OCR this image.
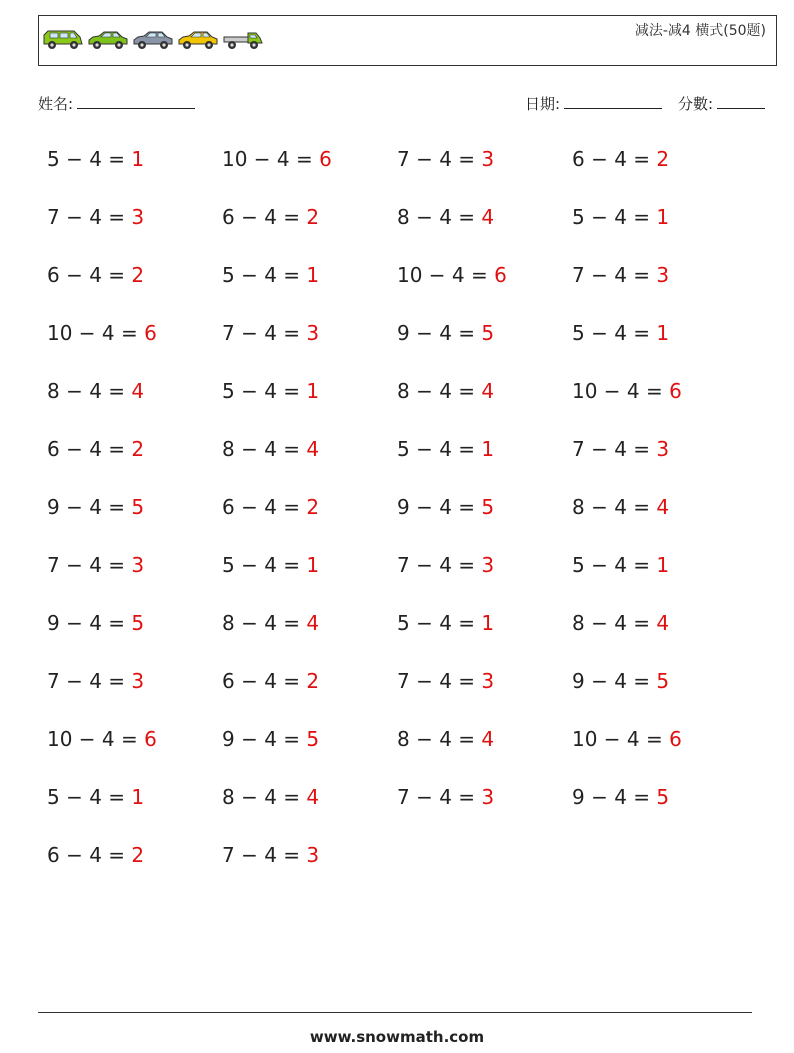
减法-减4 横式(50题)
姓名:	日期:	分數:
5 − 4 = 1	10 − 4 = 6	7 − 4 = 3	6 − 4 = 2
7 − 4 = 3	6 − 4 = 2	8 − 4 = 4	5 − 4 = 1
6 − 4 = 2	5 − 4 = 1	10 − 4 = 6	7 − 4 = 3
10 − 4 = 6	7 − 4 = 3	9 − 4 = 5	5 − 4 = 1
8 − 4 = 4	5 − 4 = 1	8 − 4 = 4	10 − 4 = 6
6 − 4 = 2	8 − 4 = 4	5 − 4 = 1	7 − 4 = 3
9 − 4 = 5	6 − 4 = 2	9 − 4 = 5	8 − 4 = 4
7 − 4 = 3	5 − 4 = 1	7 − 4 = 3	5 − 4 = 1
9 − 4 = 5	8 − 4 = 4	5 − 4 = 1	8 − 4 = 4
7 − 4 = 3	6 − 4 = 2	7 − 4 = 3	9 − 4 = 5
10 − 4 = 6	9 − 4 = 5	8 − 4 = 4	10 − 4 = 6
5 − 4 = 1	8 − 4 = 4	7 − 4 = 3	9 − 4 = 5
6 − 4 = 2	7 − 4 = 3
www.snowmath.com
